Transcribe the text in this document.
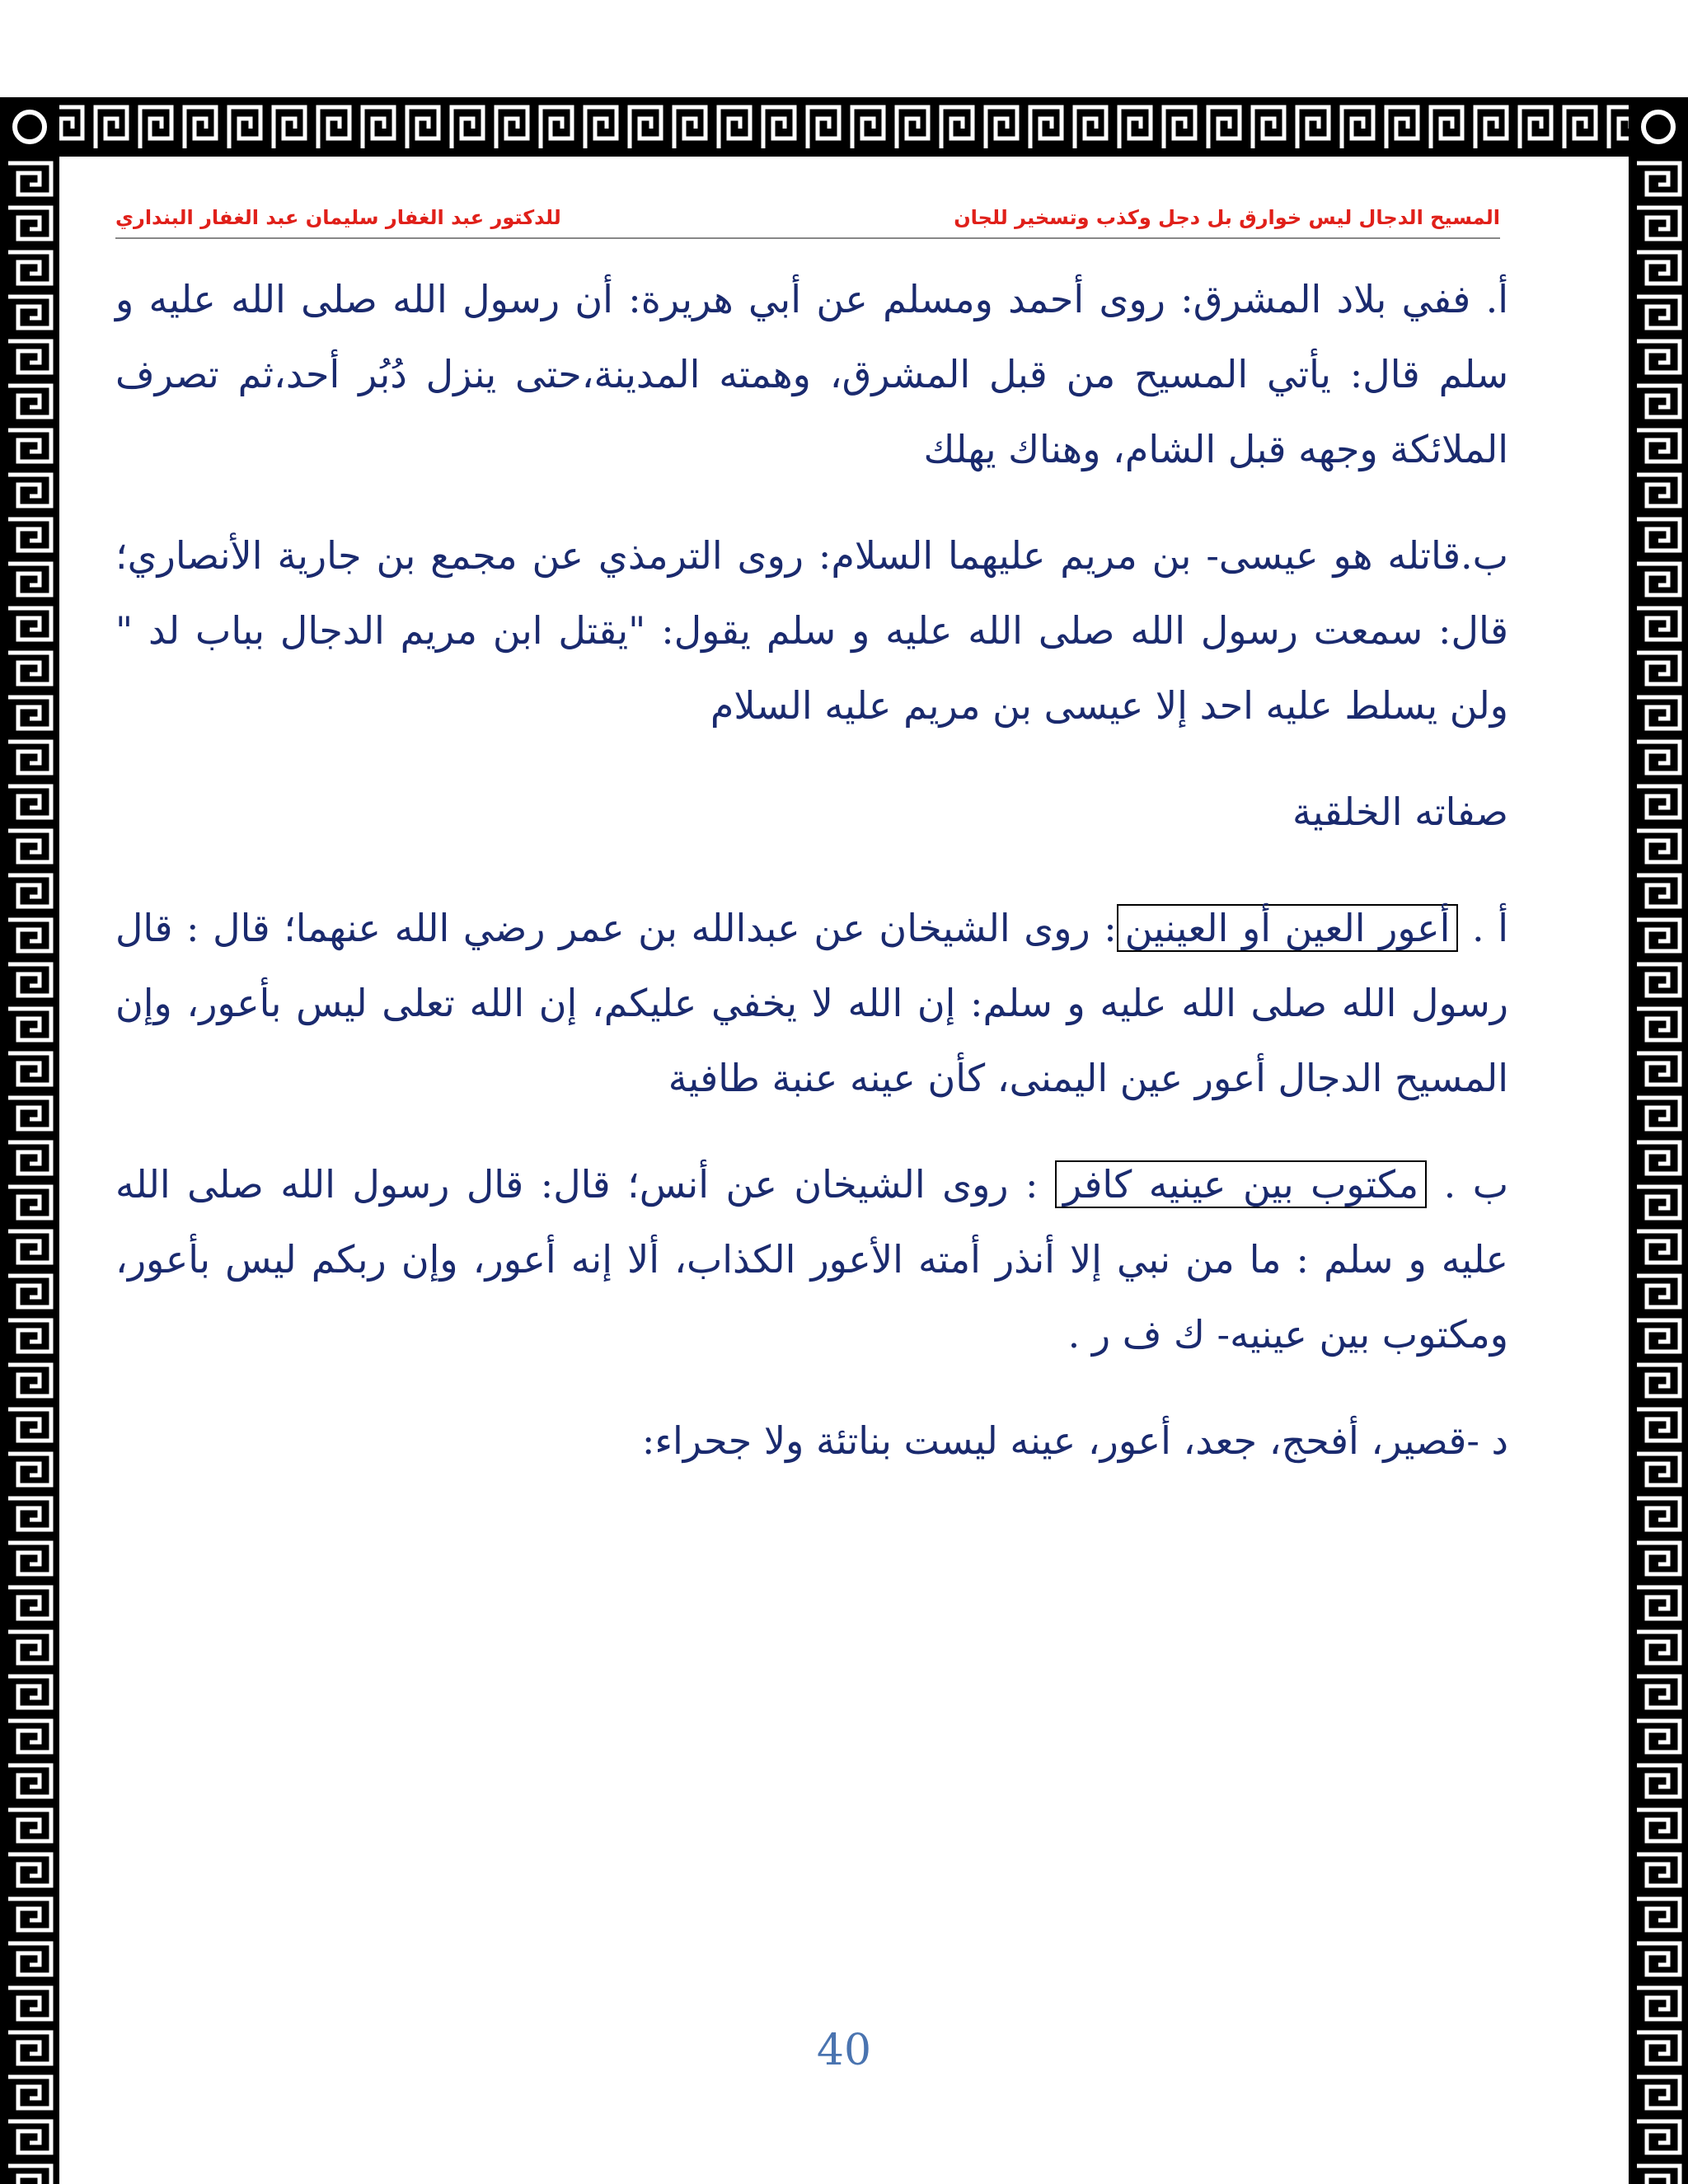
المسيح الدجال ليس خوارق بل دجل وكذب وتسخير للجان
للدكتور عبد الغفار سليمان عبد الغفار البنداري

أ. ففي بلاد المشرق: روى أحمد ومسلم عن أبي هريرة: أن رسول الله صلى الله عليه و سلم قال: يأتي المسيح من قبل المشرق، وهمته المدينة،حتى ينزل دُبُر أحد،ثم تصرف الملائكة وجهه قبل الشام، وهناك يهلك

ب.قاتله هو عيسى- بن مريم عليهما السلام: روى الترمذي عن مجمع بن جارية الأنصاري؛ قال: سمعت رسول الله صلى الله عليه و سلم يقول: "يقتل ابن مريم الدجال بباب لد " ولن يسلط عليه احد إلا عيسى بن مريم عليه السلام

صفاته الخلقية

أ . أعور العين أو العينين: روى الشيخان عن عبدالله بن عمر رضي الله عنهما؛ قال : قال رسول الله صلى الله عليه و سلم: إن الله لا يخفي عليكم، إن الله تعلى ليس بأعور، وإن المسيح الدجال أعور عين اليمنى، كأن عينه عنبة طافية

ب . مكتوب بين عينيه كافر : روى الشيخان عن أنس؛ قال: قال رسول الله صلى الله عليه و سلم : ما من نبي إلا أنذر أمته الأعور الكذاب، ألا إنه أعور، وإن ربكم ليس بأعور، ومكتوب بين عينيه- ك ف ر .

د -قصير، أفحج، جعد، أعور، عينه ليست بناتئة ولا جحراء:

40
